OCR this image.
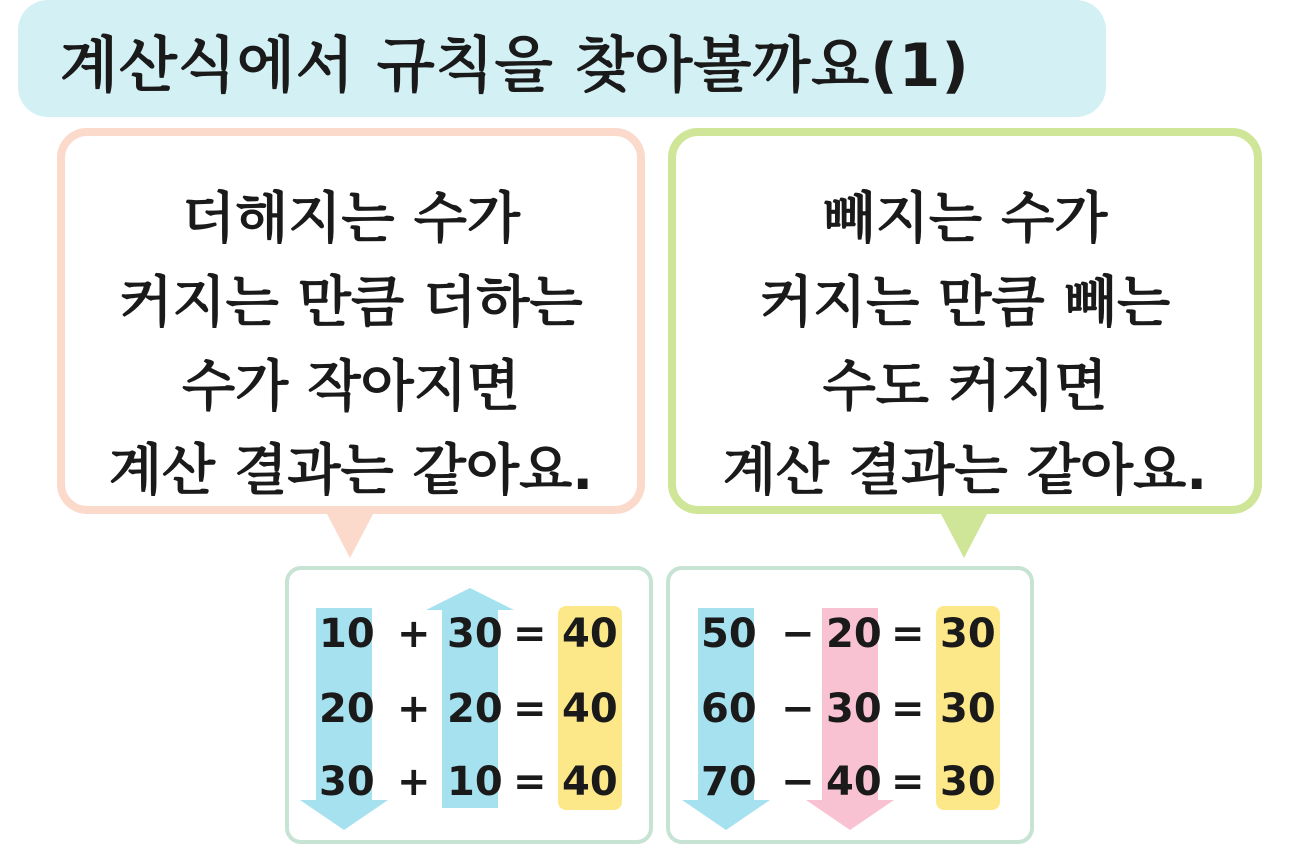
계산식에서 규칙을 찾아볼까요(1)
더해지는 수가
커지는 만큼 더하는
수가 작아지면
계산 결과는 같아요.
빼지는 수가
커지는 만큼 빼는
수도 커지면
계산 결과는 같아요.
10 + 30 = 40
20 + 20 = 40
30 + 10 = 40
50 − 20 = 30
60 − 30 = 30
70 − 40 = 30
